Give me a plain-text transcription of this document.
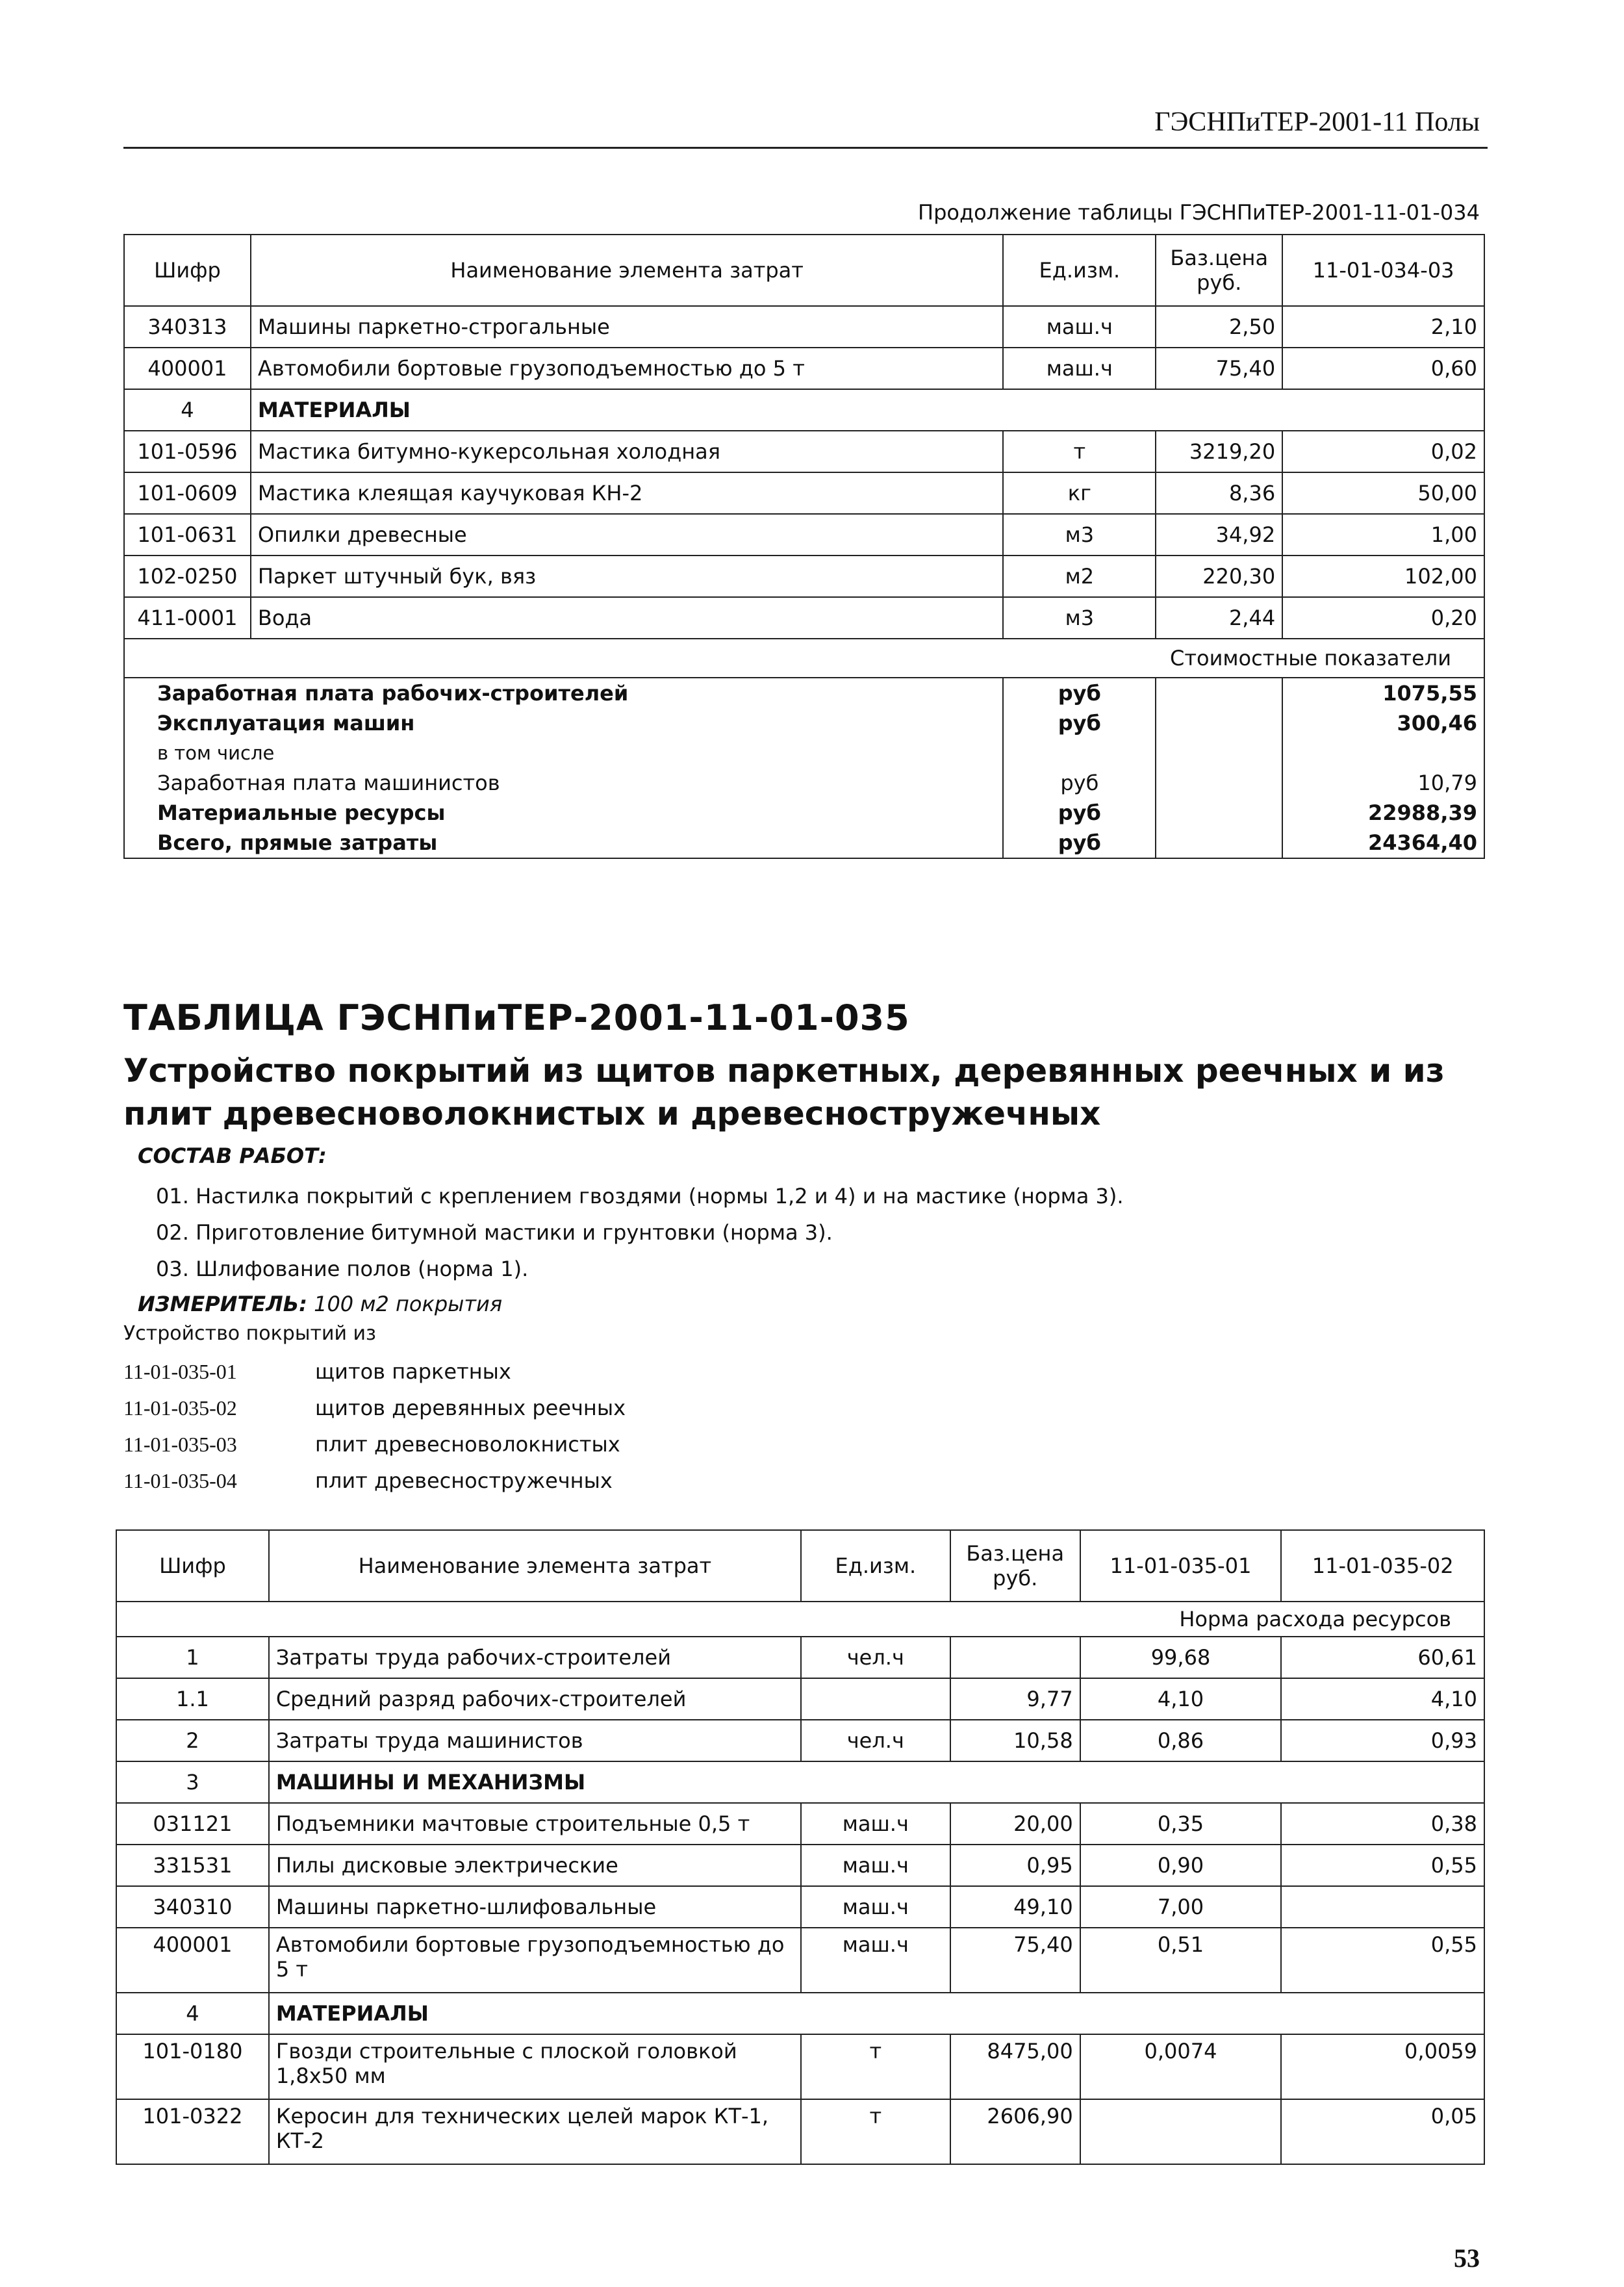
ГЭСНПиТЕР-2001-11 Полы
Продолжение таблицы ГЭСНПиТЕР-2001-11-01-034
Шифр	Наименование элемента затрат	Ед.изм.	Баз.цена руб.	11-01-034-03
340313	Машины паркетно-строгальные	маш.ч	2,50	2,10
400001	Автомобили бортовые грузоподъемностью до 5 т	маш.ч	75,40	0,60
4	МАТЕРИАЛЫ			
101-0596	Мастика битумно-кукерсольная холодная	т	3219,20	0,02
101-0609	Мастика клеящая каучуковая КН-2	кг	8,36	50,00
101-0631	Опилки древесные	м3	34,92	1,00
102-0250	Паркет штучный бук, вяз	м2	220,30	102,00
411-0001	Вода	м3	2,44	0,20
Стоимостные показатели				
Заработная плата рабочих-строителей		руб		1075,55
Эксплуатация машин		руб		300,46
в том числе				
Заработная плата машинистов		руб		10,79
Материальные ресурсы		руб		22988,39
Всего, прямые затраты		руб		24364,40
ТАБЛИЦА ГЭСНПиТЕР-2001-11-01-035
Устройство покрытий из щитов паркетных, деревянных реечных и из плит древесноволокнистых и древесностружечных
СОСТАВ РАБОТ:
01. Настилка покрытий с креплением гвоздями (нормы 1,2 и 4) и на мастике (норма 3).
02. Приготовление битумной мастики и грунтовки (норма 3).
03. Шлифование полов (норма 1).
ИЗМЕРИТЕЛЬ: 100 м2 покрытия
Устройство покрытий из
11-01-035-01	щитов паркетных
11-01-035-02	щитов деревянных реечных
11-01-035-03	плит древесноволокнистых
11-01-035-04	плит древесностружечных
Шифр	Наименование элемента затрат	Ед.изм.	Баз.цена руб.	11-01-035-01	11-01-035-02
Норма расхода ресурсов					
1	Затраты труда рабочих-строителей	чел.ч		99,68	60,61
1.1	Средний разряд рабочих-строителей		9,77	4,10	4,10
2	Затраты труда машинистов	чел.ч	10,58	0,86	0,93
3	МАШИНЫ И МЕХАНИЗМЫ				
031121	Подъемники мачтовые строительные 0,5 т	маш.ч	20,00	0,35	0,38
331531	Пилы дисковые электрические	маш.ч	0,95	0,90	0,55
340310	Машины паркетно-шлифовальные	маш.ч	49,10	7,00	
400001	Автомобили бортовые грузоподъемностью до 5 т	маш.ч	75,40	0,51	0,55
4	МАТЕРИАЛЫ				
101-0180	Гвозди строительные с плоской головкой 1,8х50 мм	т	8475,00	0,0074	0,0059
101-0322	Керосин для технических целей марок КТ-1, КТ-2	т	2606,90		0,05
53
